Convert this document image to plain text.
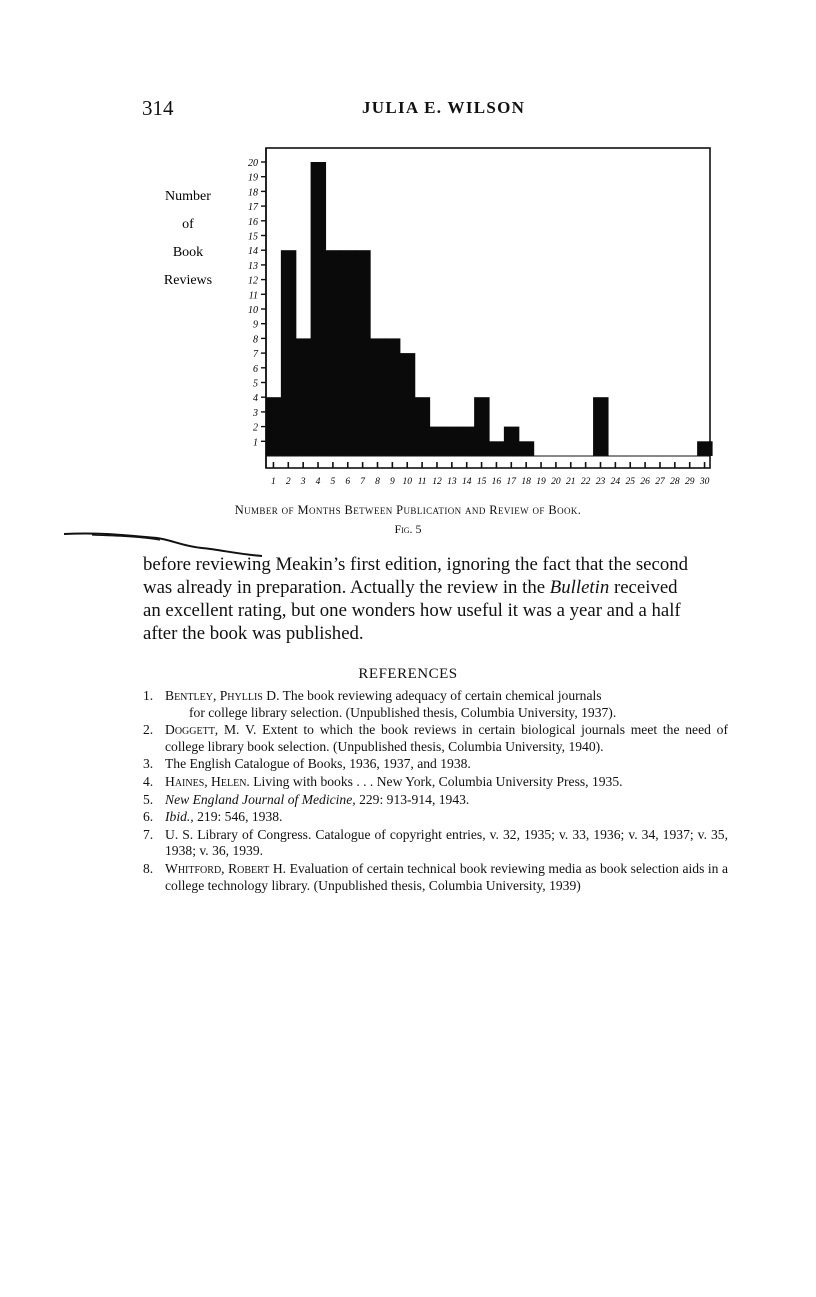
314	JULIA E. WILSON
Number
of
Book
Reviews
1
2
3
4
5
6
7
8
9
10
11
12
13
14
15
16
17
18
19
20
1 2 3 4 5 6 7 8 9 10 11 12 13 14 15 16 17 18 19 20 21 22 23 24 25 26 27 28 29 30
Number of Months Between Publication and Review of Book.
Fig. 5
before reviewing Meakin’s first edition, ignoring the fact that the second
was already in preparation. Actually the review in the Bulletin received
an excellent rating, but one wonders how useful it was a year and a half
after the book was published.
REFERENCES
1. Bentley, Phyllis D. The book reviewing adequacy of certain chemical journals
for college library selection. (Unpublished thesis, Columbia University, 1937).
2. Doggett, M. V. Extent to which the book reviews in certain biological journals meet the need of college library book selection. (Unpublished thesis, Columbia University, 1940).
3. The English Catalogue of Books, 1936, 1937, and 1938.
4. Haines, Helen. Living with books . . . New York, Columbia University Press, 1935.
5. New England Journal of Medicine, 229: 913-914, 1943.
6. Ibid., 219: 546, 1938.
7. U. S. Library of Congress. Catalogue of copyright entries, v. 32, 1935; v. 33, 1936; v. 34, 1937; v. 35, 1938; v. 36, 1939.
8. Whitford, Robert H. Evaluation of certain technical book reviewing media as book selection aids in a college technology library. (Unpublished thesis, Columbia University, 1939)
